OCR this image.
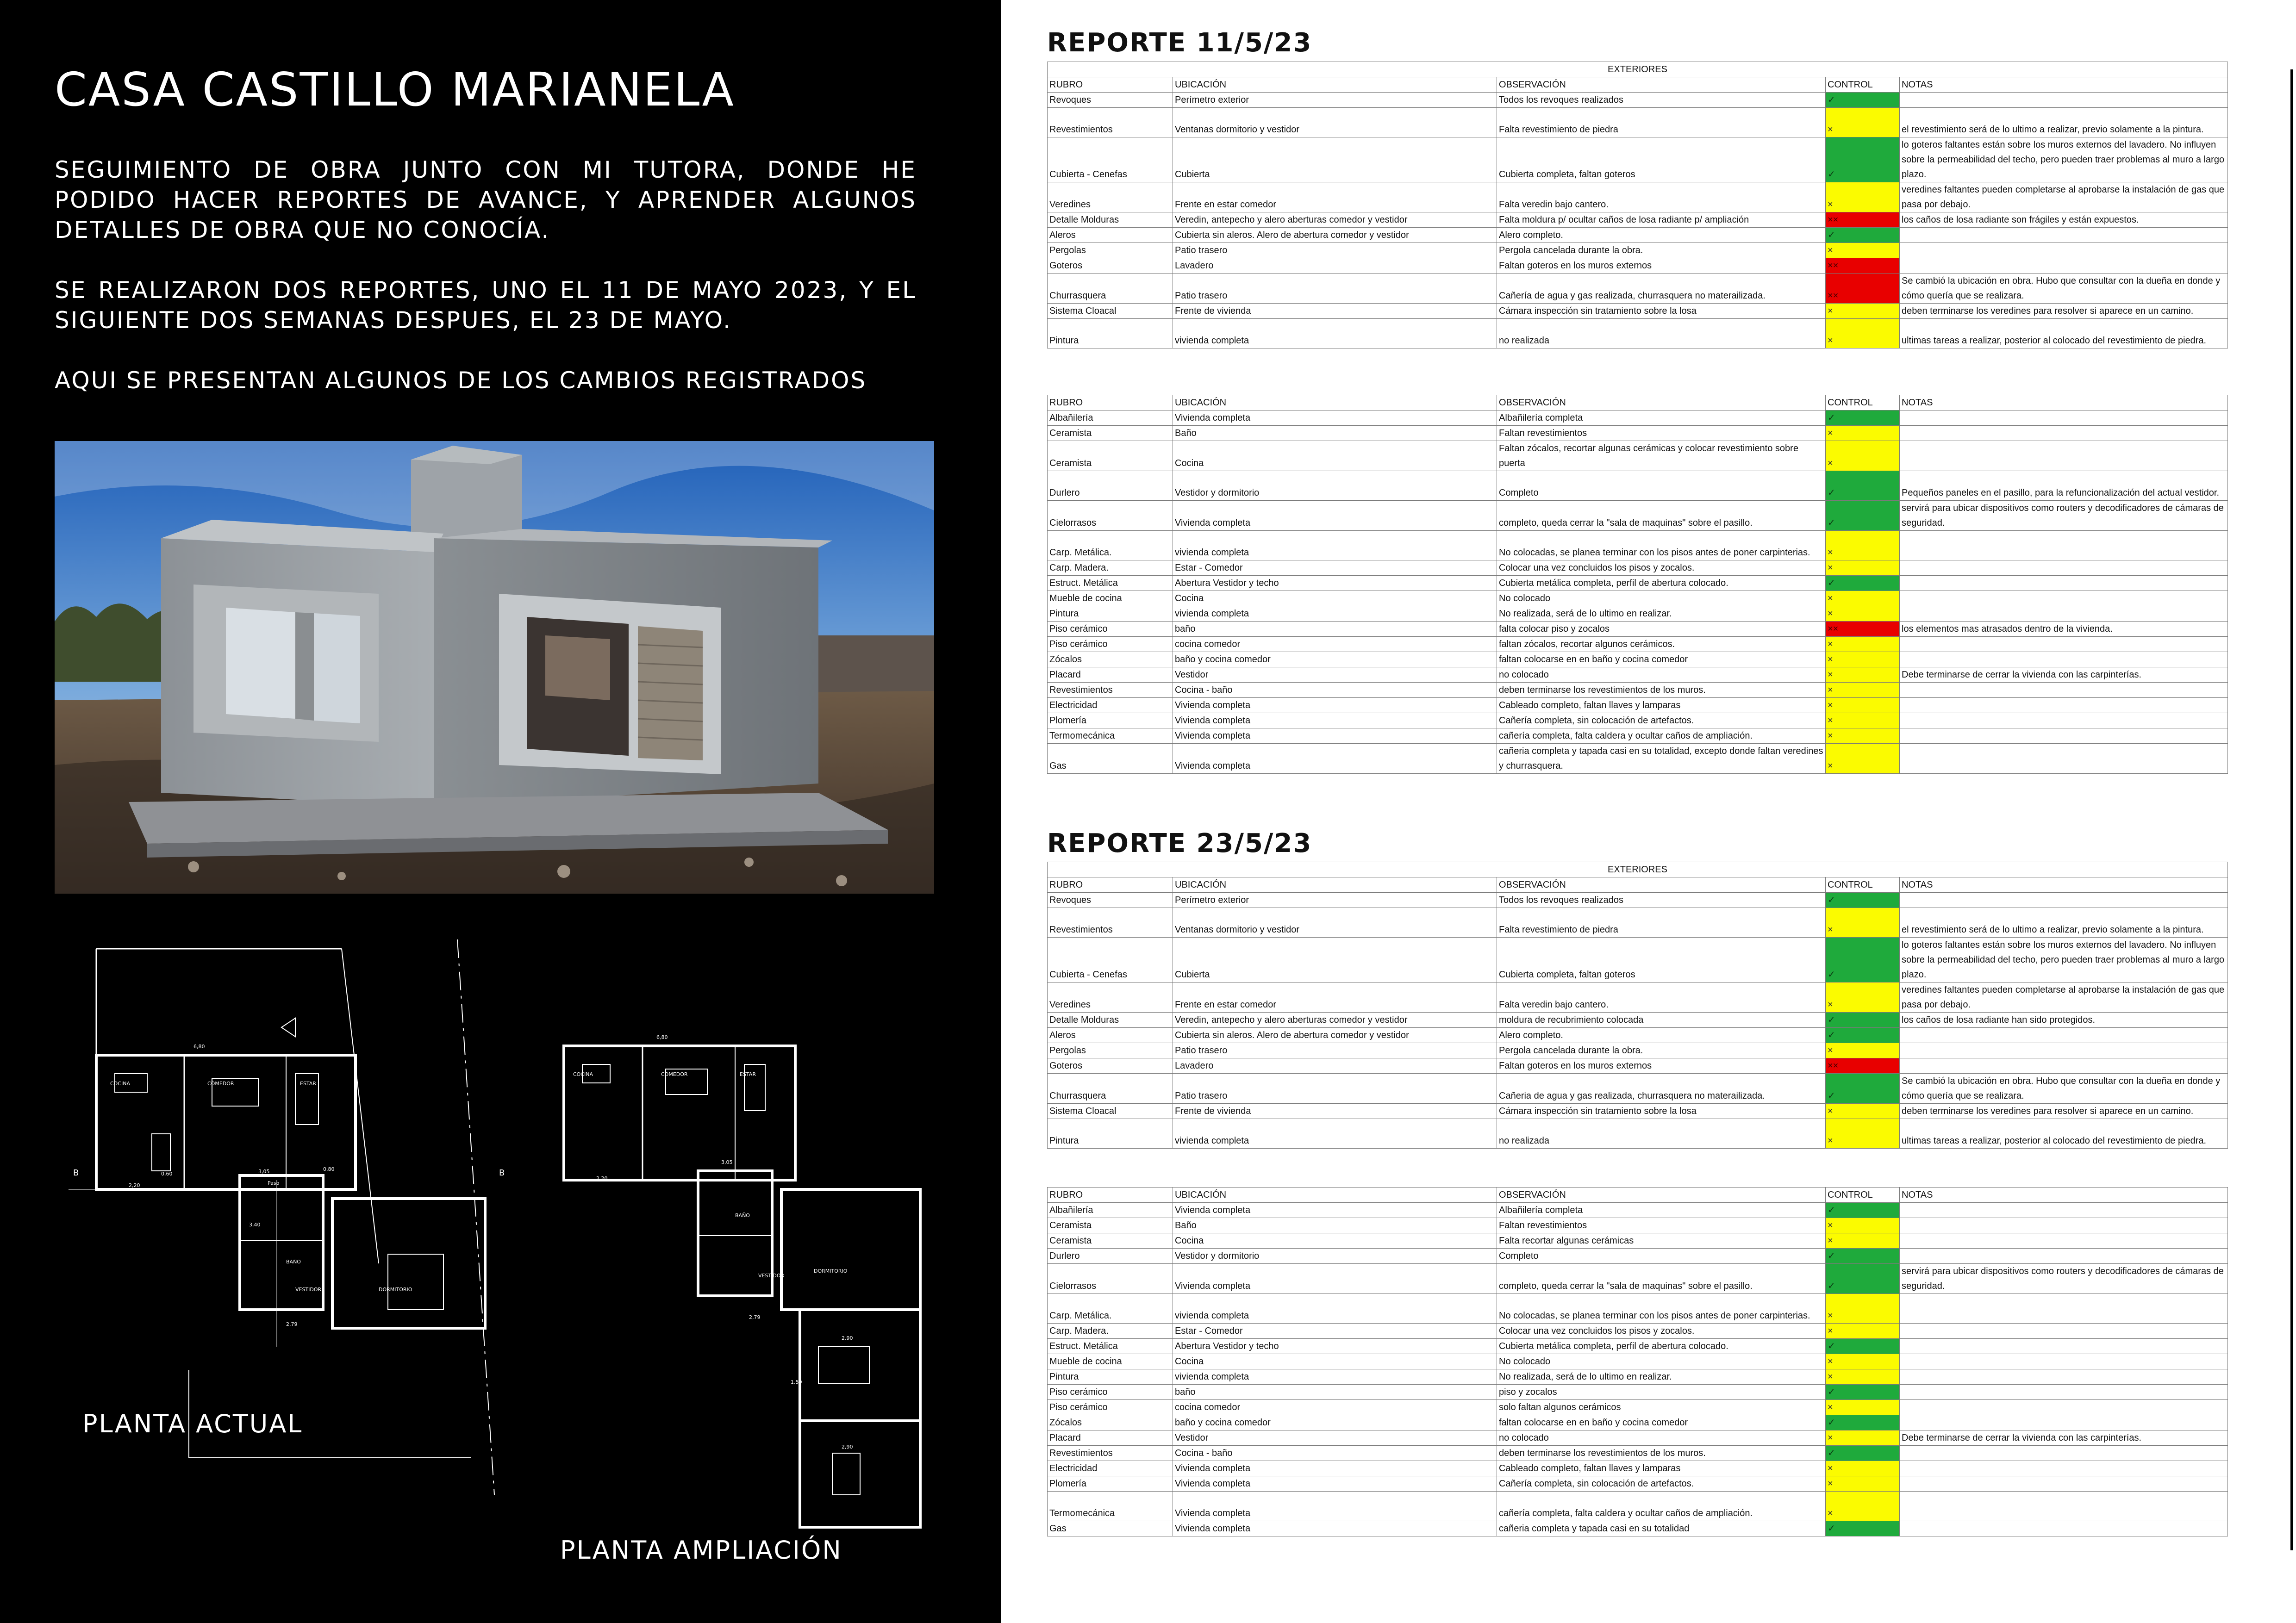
CASA CASTILLO MARIANELA

SEGUIMIENTO DE OBRA JUNTO CON MI TUTORA, DONDE HE PODIDO HACER REPORTES DE AVANCE, Y APRENDER ALGUNOS DETALLES DE OBRA QUE NO CONOCÍA.

SE REALIZARON DOS REPORTES, UNO EL 11 DE MAYO 2023, Y EL SIGUIENTE DOS SEMANAS DESPUES, EL 23 DE MAYO.

AQUI SE PRESENTAN ALGUNOS DE LOS CAMBIOS REGISTRADOS

COCINA	COMEDOR	ESTAR
BAÑO
VESTIDOR	DORMITORIO
Paso
6,80
3,05
2,20
0,60
2,79
3,40
0,80
B	B
COCINA	COMEDOR	ESTAR
BAÑO
VESTIDOR
DORMITORIO
6,80
3,05
2,20
2,90
2,90
1,50
2,79
PLANTA ACTUAL
PLANTA AMPLIACIÓN
REPORTE 11/5/23
EXTERIORES				
RUBRO	UBICACIÓN	OBSERVACIÓN	CONTROL	NOTAS
Revoques	Perímetro exterior	Todos los revoques realizados	✓	
Revestimientos	Ventanas dormitorio y vestidor	Falta revestimiento de piedra	×	el revestimiento será de lo ultimo a realizar, previo solamente a la pintura.
Cubierta - Cenefas	Cubierta	Cubierta completa, faltan goteros	✓	lo goteros faltantes están sobre los muros externos del lavadero. No influyen sobre la permeabilidad del techo, pero pueden traer problemas al muro a largo plazo.
Veredines	Frente en estar comedor	Falta veredin bajo cantero.	×	veredines faltantes pueden completarse al aprobarse la instalación de gas que pasa por debajo.
Detalle Molduras	Veredin, antepecho y alero aberturas comedor y vestidor	Falta moldura p/ ocultar caños de losa radiante p/ ampliación	××	los caños de losa radiante son frágiles y están expuestos.
Aleros	Cubierta sin aleros. Alero de abertura comedor y vestidor	Alero completo.	✓	
Pergolas	Patio trasero	Pergola cancelada durante la obra.	×	
Goteros	Lavadero	Faltan goteros en los muros externos	××	
Churrasquera	Patio trasero	Cañería de agua y gas realizada, churrasquera no materailizada.	××	Se cambió la ubicación en obra. Hubo que consultar con la dueña en donde y cómo quería que se realizara.
Sistema Cloacal	Frente de vivienda	Cámara inspección sin tratamiento sobre la losa	×	deben terminarse los veredines para resolver si aparece en un camino.
Pintura	vivienda completa	no realizada	×	ultimas tareas a realizar, posterior al colocado del revestimiento de piedra.
RUBRO	UBICACIÓN	OBSERVACIÓN	CONTROL	NOTAS
Albañilería	Vivienda completa	Albañilería completa	✓	
Ceramista	Baño	Faltan revestimientos	×	
Ceramista	Cocina	Faltan zócalos, recortar algunas cerámicas y colocar revestimiento sobre puerta	×	
Durlero	Vestidor y dormitorio	Completo	✓	Pequeños paneles en el pasillo, para la refuncionalización del actual vestidor.
Cielorrasos	Vivienda completa	completo, queda cerrar la "sala de maquinas" sobre el pasillo.	✓	servirá para ubicar dispositivos como routers y decodificadores de cámaras de seguridad.
Carp. Metálica.	vivienda completa	No colocadas, se planea terminar con los pisos antes de poner carpinterias.	×	
Carp. Madera.	Estar - Comedor	Colocar una vez concluidos los pisos y zocalos.	×	
Estruct. Metálica	Abertura Vestidor y techo	Cubierta metálica completa, perfil de abertura colocado.	✓	
Mueble de cocina	Cocina	No colocado	×	
Pintura	vivienda completa	No realizada, será de lo ultimo en realizar.	×	
Piso cerámico	baño	falta colocar piso y zocalos	××	los elementos mas atrasados dentro de la vivienda.
Piso cerámico	cocina comedor	faltan zócalos, recortar algunos cerámicos.	×	
Zócalos	baño y cocina comedor	faltan colocarse en en baño y cocina comedor	×	
Placard	Vestidor	no colocado	×	Debe terminarse de cerrar la vivienda con las carpinterías.
Revestimientos	Cocina - baño	deben terminarse los revestimientos de los muros.	×	
Electricidad	Vivienda completa	Cableado completo, faltan llaves y lamparas	×	
Plomería	Vivienda completa	Cañería completa, sin colocación de artefactos.	×	
Termomecánica	Vivienda completa	cañería completa, falta caldera y ocultar caños de ampliación.	×	
Gas	Vivienda completa	cañeria completa y tapada casi en su totalidad, excepto donde faltan veredines y churrasquera.	×	
REPORTE 23/5/23
EXTERIORES				
RUBRO	UBICACIÓN	OBSERVACIÓN	CONTROL	NOTAS
Revoques	Perímetro exterior	Todos los revoques realizados	✓	
Revestimientos	Ventanas dormitorio y vestidor	Falta revestimiento de piedra	×	el revestimiento será de lo ultimo a realizar, previo solamente a la pintura.
Cubierta - Cenefas	Cubierta	Cubierta completa, faltan goteros	✓	lo goteros faltantes están sobre los muros externos del lavadero. No influyen sobre la permeabilidad del techo, pero pueden traer problemas al muro a largo plazo.
Veredines	Frente en estar comedor	Falta veredin bajo cantero.	×	veredines faltantes pueden completarse al aprobarse la instalación de gas que pasa por debajo.
Detalle Molduras	Veredin, antepecho y alero aberturas comedor y vestidor	moldura de recubrimiento colocada	✓	los caños de losa radiante han sido protegidos.
Aleros	Cubierta sin aleros. Alero de abertura comedor y vestidor	Alero completo.	✓	
Pergolas	Patio trasero	Pergola cancelada durante la obra.	×	
Goteros	Lavadero	Faltan goteros en los muros externos	××	
Churrasquera	Patio trasero	Cañeria de agua y gas realizada, churrasquera no materailizada.	✓	Se cambió la ubicación en obra. Hubo que consultar con la dueña en donde y cómo quería que se realizara.
Sistema Cloacal	Frente de vivienda	Cámara inspección sin tratamiento sobre la losa	×	deben terminarse los veredines para resolver si aparece en un camino.
Pintura	vivienda completa	no realizada	×	ultimas tareas a realizar, posterior al colocado del revestimiento de piedra.
RUBRO	UBICACIÓN	OBSERVACIÓN	CONTROL	NOTAS
Albañilería	Vivienda completa	Albañilería completa	✓	
Ceramista	Baño	Faltan revestimientos	×	
Ceramista	Cocina	Falta recortar algunas cerámicas	×	
Durlero	Vestidor y dormitorio	Completo	✓	
Cielorrasos	Vivienda completa	completo, queda cerrar la "sala de maquinas" sobre el pasillo.	✓	servirá para ubicar dispositivos como routers y decodificadores de cámaras de seguridad.
Carp. Metálica.	vivienda completa	No colocadas, se planea terminar con los pisos antes de poner carpinterias.	×	
Carp. Madera.	Estar - Comedor	Colocar una vez concluidos los pisos y zocalos.	×	
Estruct. Metálica	Abertura Vestidor y techo	Cubierta metálica completa, perfil de abertura colocado.	✓	
Mueble de cocina	Cocina	No colocado	×	
Pintura	vivienda completa	No realizada, será de lo ultimo en realizar.	×	
Piso cerámico	baño	piso y zocalos	✓	
Piso cerámico	cocina comedor	solo faltan algunos cerámicos	×	
Zócalos	baño y cocina comedor	faltan colocarse en en baño y cocina comedor	✓	
Placard	Vestidor	no colocado	×	Debe terminarse de cerrar la vivienda con las carpinterías.
Revestimientos	Cocina - baño	deben terminarse los revestimientos de los muros.	✓	
Electricidad	Vivienda completa	Cableado completo, faltan llaves y lamparas	×	
Plomería	Vivienda completa	Cañería completa, sin colocación de artefactos.	×	
Termomecánica	Vivienda completa	cañería completa, falta caldera y ocultar caños de ampliación.	×	
Gas	Vivienda completa	cañeria completa y tapada casi en su totalidad	✓	
